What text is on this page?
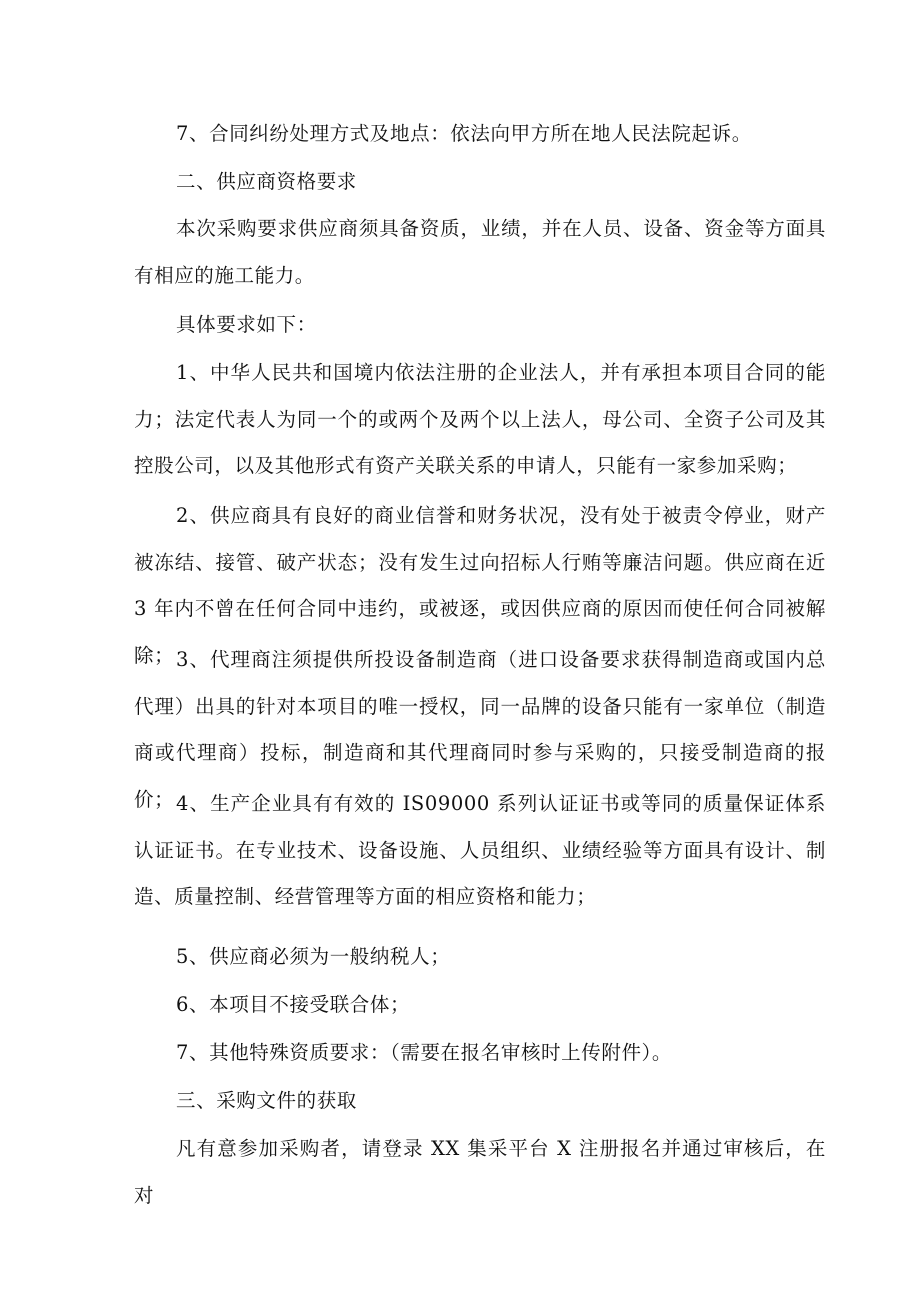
7、合同纠纷处理方式及地点：依法向甲方所在地人民法院起诉。

二、供应商资格要求

本次采购要求供应商须具备资质，业绩，并在人员、设备、资金等方面具有相应的施工能力。

具体要求如下：

1、中华人民共和国境内依法注册的企业法人，并有承担本项目合同的能力；法定代表人为同一个的或两个及两个以上法人，母公司、全资子公司及其控股公司，以及其他形式有资产关联关系的申请人，只能有一家参加采购；

2、供应商具有良好的商业信誉和财务状况，没有处于被责令停业，财产被冻结、接管、破产状态；没有发生过向招标人行贿等廉洁问题。供应商在近 3 年内不曾在任何合同中违约，或被逐，或因供应商的原因而使任何合同被解除； 3、代理商注须提供所投设备制造商（进口设备要求获得制造商或国内总代理）出具的针对本项目的唯一授权，同一品牌的设备只能有一家单位（制造商或代理商）投标，制造商和其代理商同时参与采购的，只接受制造商的报价； 4、生产企业具有有效的 IS09000 系列认证证书或等同的质量保证体系认证证书。在专业技术、设备设施、人员组织、业绩经验等方面具有设计、制造、质量控制、经营管理等方面的相应资格和能力；

5、供应商必须为一般纳税人；

6、本项目不接受联合体；

7、其他特殊资质要求：（需要在报名审核时上传附件）。

三、采购文件的获取

凡有意参加采购者，请登录 XX 集采平台 X 注册报名并通过审核后，在对
